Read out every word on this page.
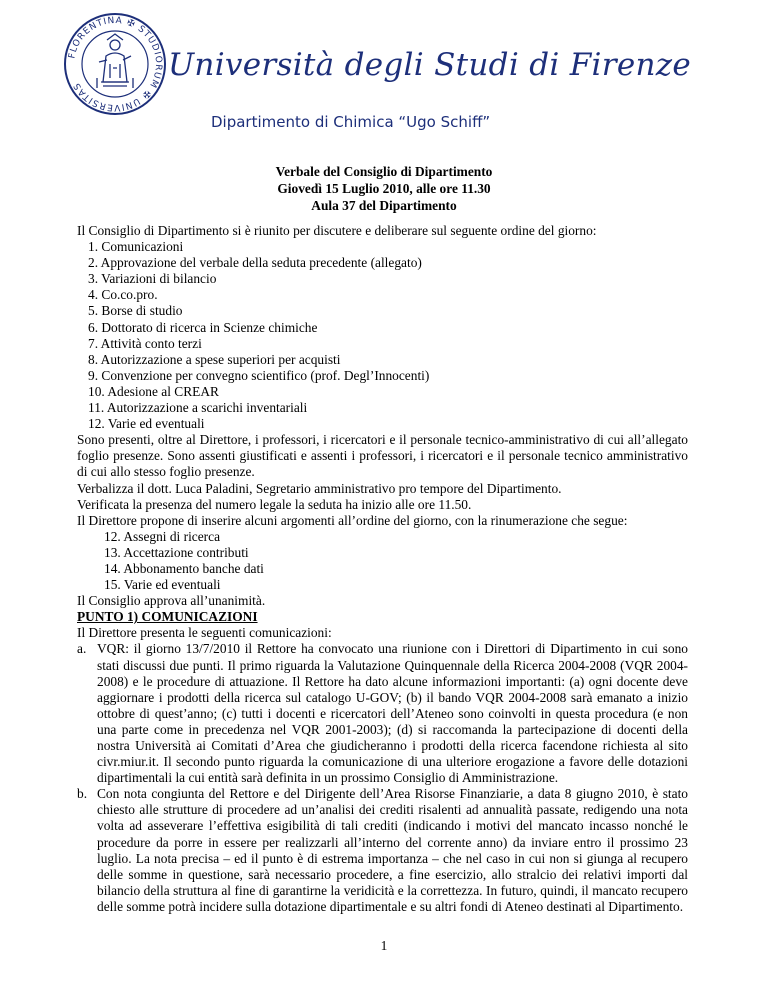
FLORENTINA ✠ STUDIORUM ✠ UNIVERSITAS
Università degli Studi di Firenze
Dipartimento di Chimica “Ugo Schiff”
Verbale del Consiglio di Dipartimento
Giovedì 15 Luglio 2010, alle ore 11.30
Aula 37 del Dipartimento

Il Consiglio di Dipartimento si è riunito per discutere e deliberare sul seguente ordine del giorno:

1. Comunicazioni
2. Approvazione del verbale della seduta precedente (allegato)
3. Variazioni di bilancio
4. Co.co.pro.
5. Borse di studio
6. Dottorato di ricerca in Scienze chimiche
7. Attività conto terzi
8. Autorizzazione a spese superiori per acquisti
9. Convenzione per convegno scientifico (prof. Degl’Innocenti)
10. Adesione al CREAR
11. Autorizzazione a scarichi inventariali
12. Varie ed eventuali

Sono presenti, oltre al Direttore, i professori, i ricercatori e il personale tecnico-amministrativo di cui all’allegato foglio presenze. Sono assenti giustificati e assenti i professori, i ricercatori e il personale tecnico amministrativo di cui allo stesso foglio presenze.

Verbalizza il dott. Luca Paladini, Segretario amministrativo pro tempore del Dipartimento.

Verificata la presenza del numero legale la seduta ha inizio alle ore 11.50.

Il Direttore propone di inserire alcuni argomenti all’ordine del giorno, con la rinumerazione che segue:

12. Assegni di ricerca
13. Accettazione contributi
14. Abbonamento banche dati
15. Varie ed eventuali

Il Consiglio approva all’unanimità.

PUNTO 1) COMUNICAZIONI

Il Direttore presenta le seguenti comunicazioni:

a. VQR: il giorno 13/7/2010 il Rettore ha convocato una riunione con i Direttori di Dipartimento in cui sono stati discussi due punti. Il primo riguarda la Valutazione Quinquennale della Ricerca 2004-2008 (VQR 2004-2008) e le procedure di attuazione. Il Rettore ha dato alcune informazioni importanti: (a) ogni docente deve aggiornare i prodotti della ricerca sul catalogo U-GOV; (b) il bando VQR 2004-2008 sarà emanato a inizio ottobre di quest’anno; (c) tutti i docenti e ricercatori dell’Ateneo sono coinvolti in questa procedura (e non una parte come in precedenza nel VQR 2001-2003); (d) si raccomanda la partecipazione di docenti della nostra Università ai Comitati d’Area che giudicheranno i prodotti della ricerca facendone richiesta al sito civr.miur.it. Il secondo punto riguarda la comunicazione di una ulteriore erogazione a favore delle dotazioni dipartimentali la cui entità sarà definita in un prossimo Consiglio di Amministrazione.
b. Con nota congiunta del Rettore e del Dirigente dell’Area Risorse Finanziarie, a data 8 giugno 2010, è stato chiesto alle strutture di procedere ad un’analisi dei crediti risalenti ad annualità passate, redigendo una nota volta ad asseverare l’effettiva esigibilità di tali crediti (indicando i motivi del mancato incasso nonché le procedure da porre in essere per realizzarli all’interno del corrente anno) da inviare entro il prossimo 23 luglio. La nota precisa – ed il punto è di estrema importanza – che nel caso in cui non si giunga al recupero delle somme in questione, sarà necessario procedere, a fine esercizio, allo stralcio dei relativi importi dal bilancio della struttura al fine di garantirne la veridicità e la correttezza. In futuro, quindi, il mancato recupero delle somme potrà incidere sulla dotazione dipartimentale e su altri fondi di Ateneo destinati al Dipartimento.
1
